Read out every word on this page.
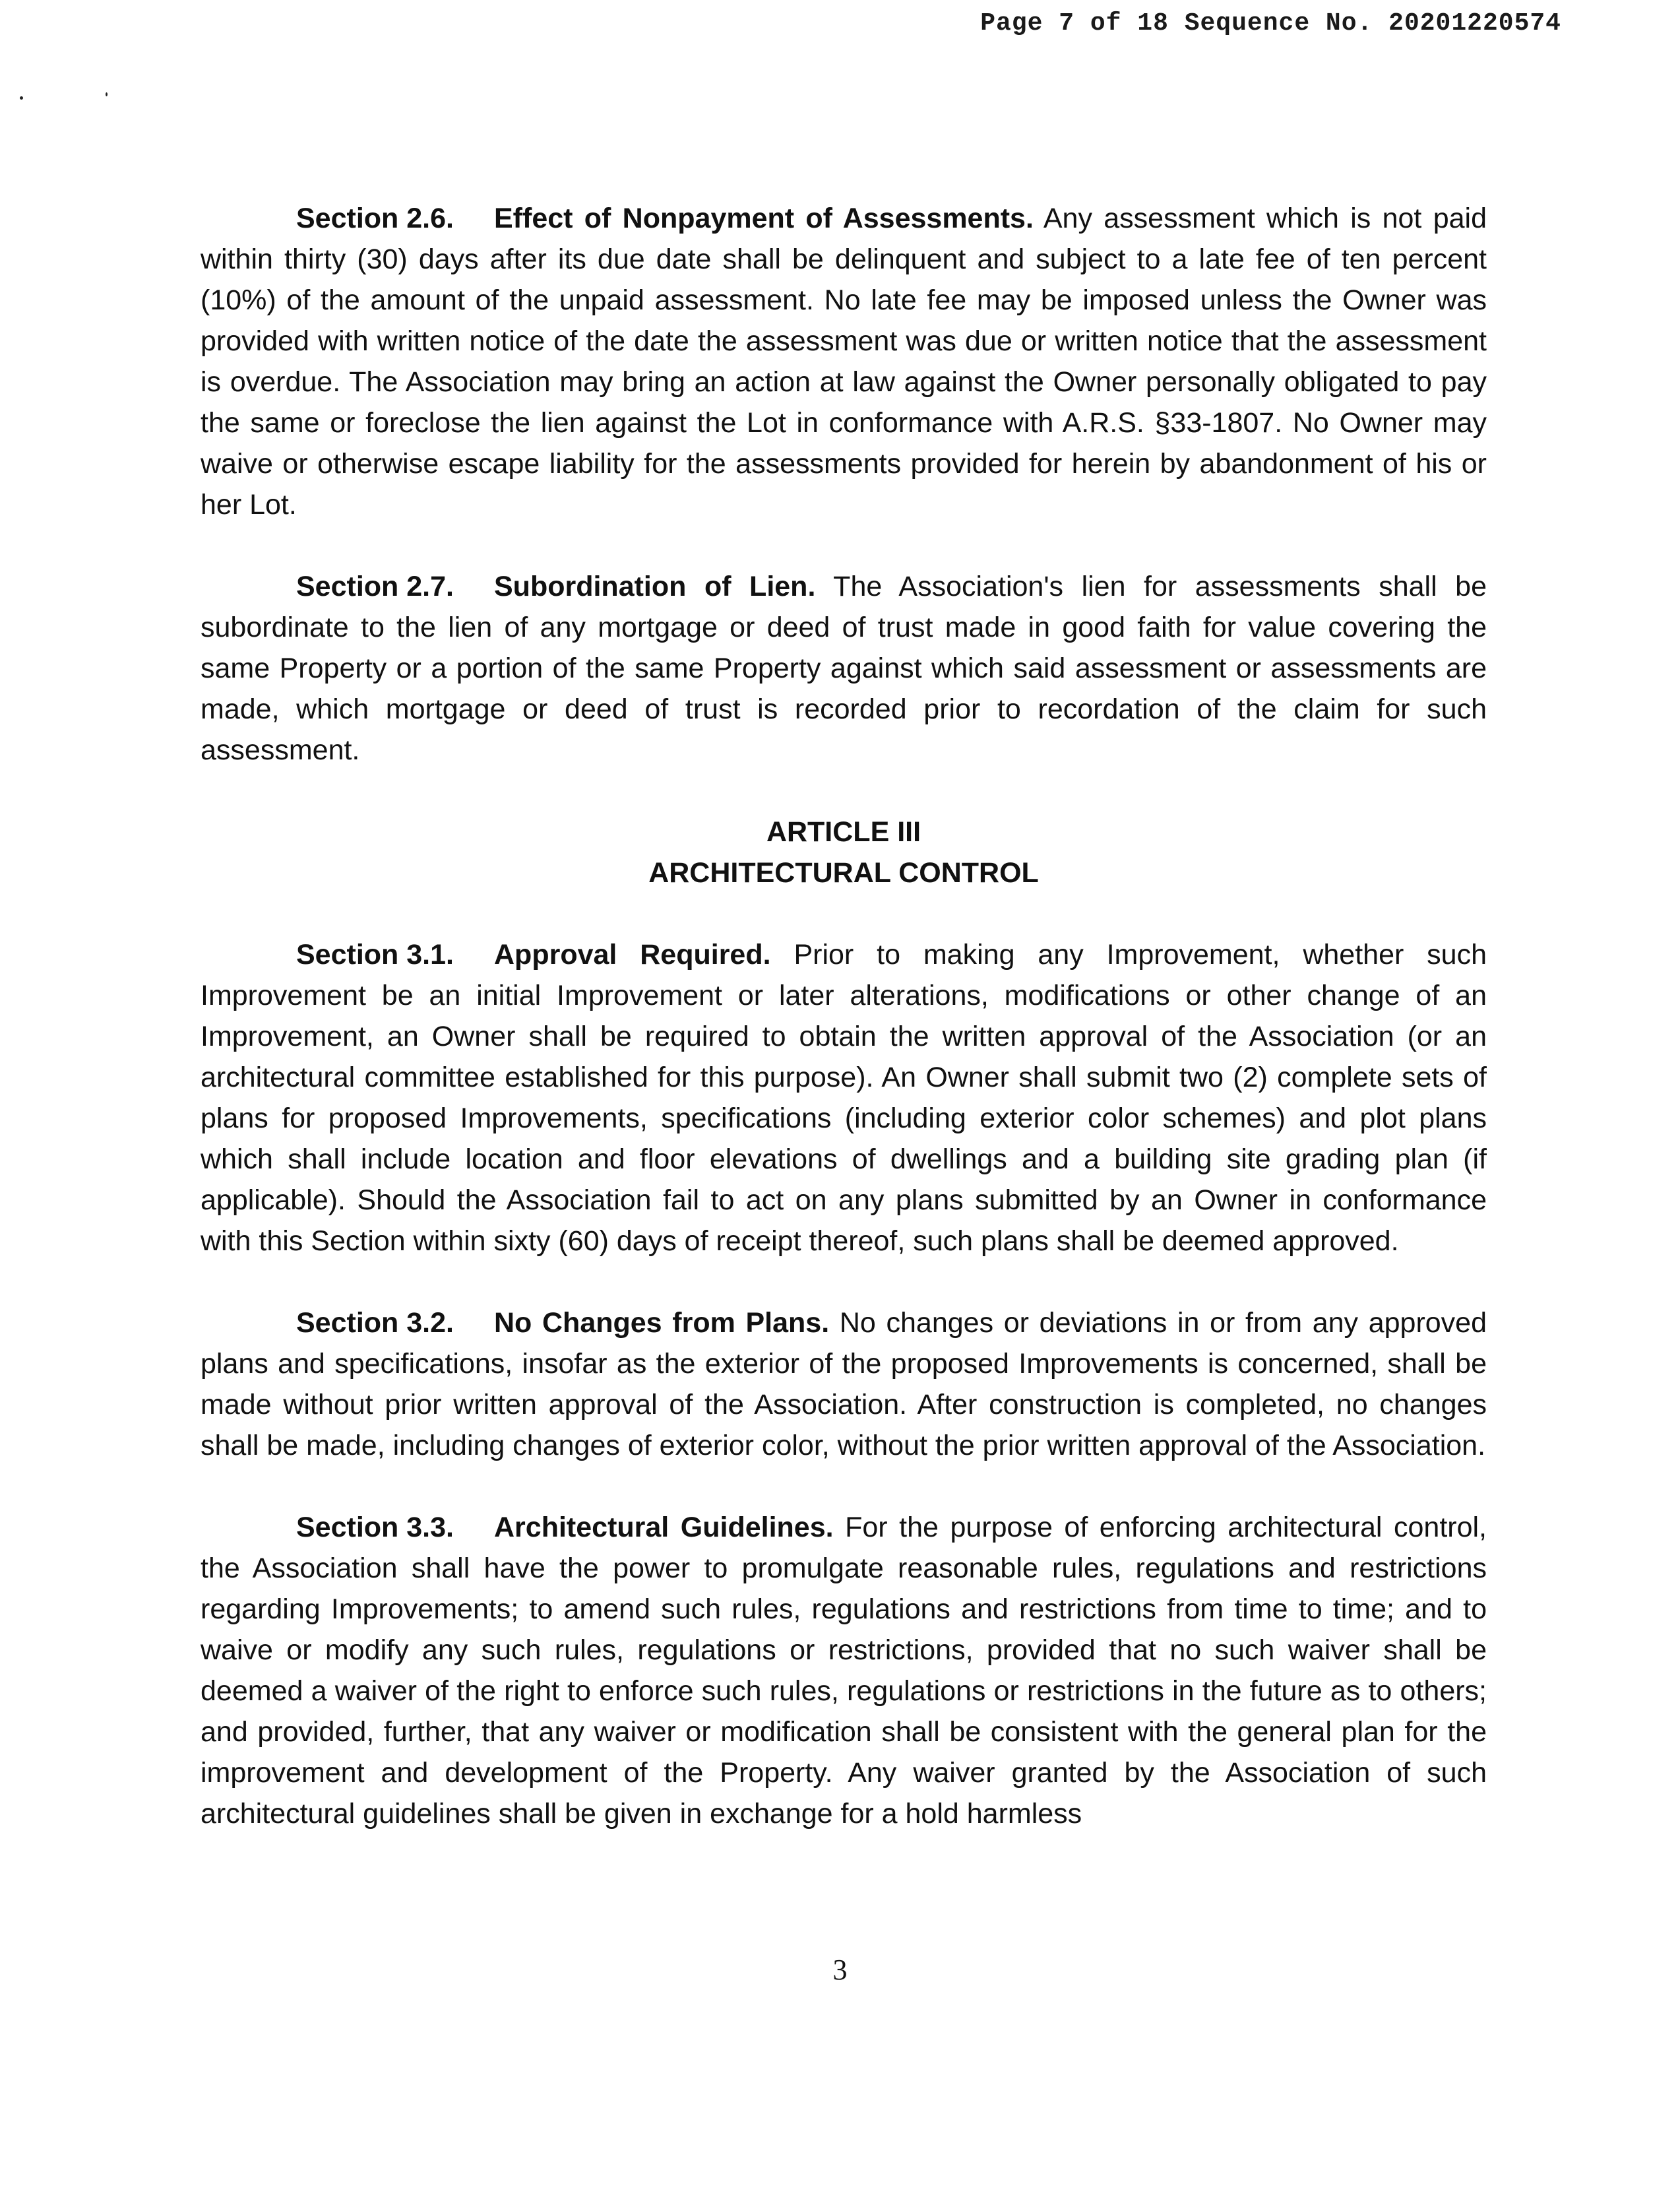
Page 7 of 18 Sequence No. 20201220574

Section 2.6. Effect of Nonpayment of Assessments. Any assessment which is not paid within thirty (30) days after its due date shall be delinquent and subject to a late fee of ten percent (10%) of the amount of the unpaid assessment. No late fee may be imposed unless the Owner was provided with written notice of the date the assessment was due or written notice that the assessment is overdue. The Association may bring an action at law against the Owner personally obligated to pay the same or foreclose the lien against the Lot in conformance with A.R.S. §33-1807. No Owner may waive or otherwise escape liability for the assessments provided for herein by abandonment of his or her Lot.

Section 2.7. Subordination of Lien. The Association's lien for assessments shall be subordinate to the lien of any mortgage or deed of trust made in good faith for value covering the same Property or a portion of the same Property against which said assessment or assessments are made, which mortgage or deed of trust is recorded prior to recordation of the claim for such assessment.

ARTICLE III
ARCHITECTURAL CONTROL

Section 3.1. Approval Required. Prior to making any Improvement, whether such Improvement be an initial Improvement or later alterations, modifications or other change of an Improvement, an Owner shall be required to obtain the written approval of the Association (or an architectural committee established for this purpose). An Owner shall submit two (2) complete sets of plans for proposed Improvements, specifications (including exterior color schemes) and plot plans which shall include location and floor elevations of dwellings and a building site grading plan (if applicable). Should the Association fail to act on any plans submitted by an Owner in conformance with this Section within sixty (60) days of receipt thereof, such plans shall be deemed approved.

Section 3.2. No Changes from Plans. No changes or deviations in or from any approved plans and specifications, insofar as the exterior of the proposed Improvements is concerned, shall be made without prior written approval of the Association. After construction is completed, no changes shall be made, including changes of exterior color, without the prior written approval of the Association.

Section 3.3. Architectural Guidelines. For the purpose of enforcing architectural control, the Association shall have the power to promulgate reasonable rules, regulations and restrictions regarding Improvements; to amend such rules, regulations and restrictions from time to time; and to waive or modify any such rules, regulations or restrictions, provided that no such waiver shall be deemed a waiver of the right to enforce such rules, regulations or restrictions in the future as to others; and provided, further, that any waiver or modification shall be consistent with the general plan for the improvement and development of the Property. Any waiver granted by the Association of such architectural guidelines shall be given in exchange for a hold harmless

3
